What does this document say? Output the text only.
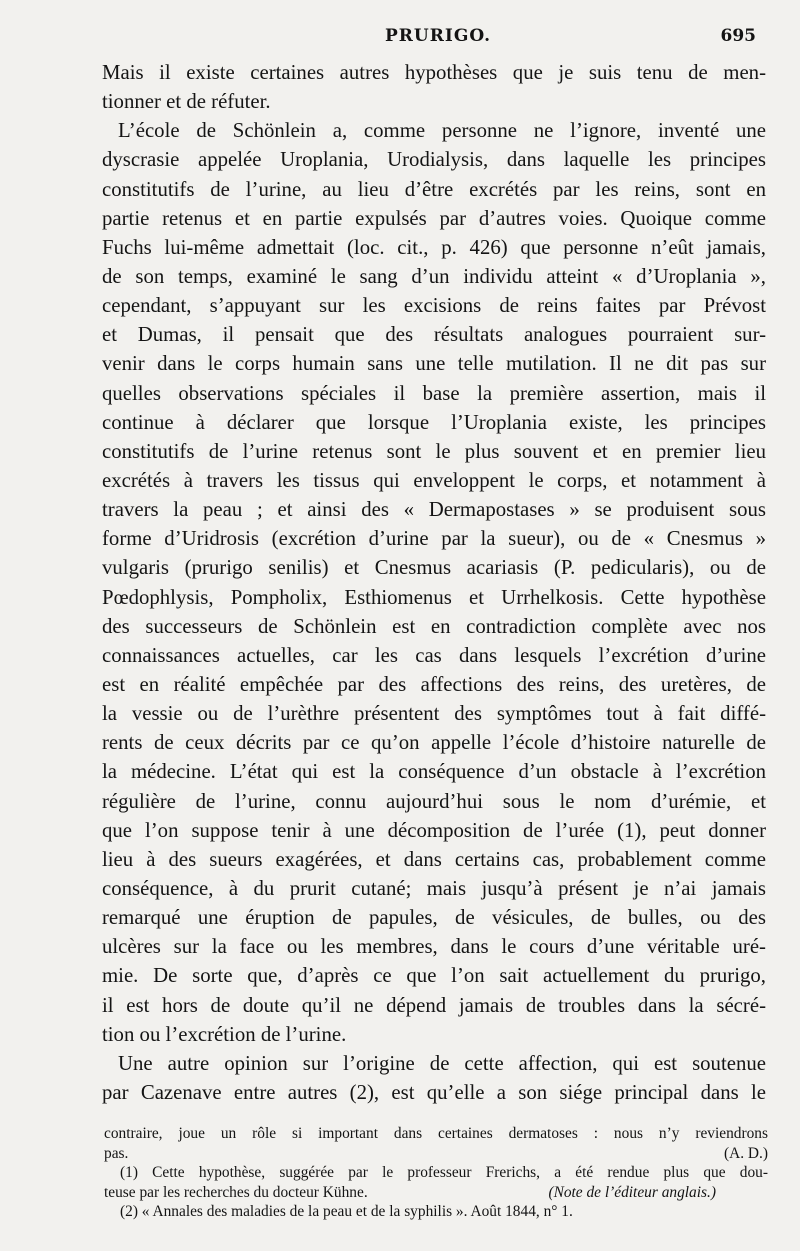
PRURIGO.	695
Mais il existe certaines autres hypothèses que je suis tenu de men-
tionner et de réfuter.
L’école de Schönlein a, comme personne ne l’ignore, inventé une
dyscrasie appelée Uroplania, Urodialysis, dans laquelle les principes
constitutifs de l’urine, au lieu d’être excrétés par les reins, sont en
partie retenus et en partie expulsés par d’autres voies. Quoique comme
Fuchs lui-même admettait (loc. cit., p. 426) que personne n’eût jamais,
de son temps, examiné le sang d’un individu atteint « d’Uroplania »,
cependant, s’appuyant sur les excisions de reins faites par Prévost
et Dumas, il pensait que des résultats analogues pourraient sur-
venir dans le corps humain sans une telle mutilation. Il ne dit pas sur
quelles observations spéciales il base la première assertion, mais il
continue à déclarer que lorsque l’Uroplania existe, les principes
constitutifs de l’urine retenus sont le plus souvent et en premier lieu
excrétés à travers les tissus qui enveloppent le corps, et notamment à
travers la peau ; et ainsi des « Dermapostases » se produisent sous
forme d’Uridrosis (excrétion d’urine par la sueur), ou de « Cnesmus »
vulgaris (prurigo senilis) et Cnesmus acariasis (P. pedicularis), ou de
Pœdophlysis, Pompholix, Esthiomenus et Urrhelkosis. Cette hypothèse
des successeurs de Schönlein est en contradiction complète avec nos
connaissances actuelles, car les cas dans lesquels l’excrétion d’urine
est en réalité empêchée par des affections des reins, des uretères, de
la vessie ou de l’urèthre présentent des symptômes tout à fait diffé-
rents de ceux décrits par ce qu’on appelle l’école d’histoire naturelle de
la médecine. L’état qui est la conséquence d’un obstacle à l’excrétion
régulière de l’urine, connu aujourd’hui sous le nom d’urémie, et
que l’on suppose tenir à une décomposition de l’urée (1), peut donner
lieu à des sueurs exagérées, et dans certains cas, probablement comme
conséquence, à du prurit cutané; mais jusqu’à présent je n’ai jamais
remarqué une éruption de papules, de vésicules, de bulles, ou des
ulcères sur la face ou les membres, dans le cours d’une véritable uré-
mie. De sorte que, d’après ce que l’on sait actuellement du prurigo,
il est hors de doute qu’il ne dépend jamais de troubles dans la sécré-
tion ou l’excrétion de l’urine.
Une autre opinion sur l’origine de cette affection, qui est soutenue
par Cazenave entre autres (2), est qu’elle a son siége principal dans le
contraire, joue un rôle si important dans certaines dermatoses : nous n’y reviendrons
pas.	(A. D.)
(1) Cette hypothèse, suggérée par le professeur Frerichs, a été rendue plus que dou-
teuse par les recherches du docteur Kühne.	(Note de l’éditeur anglais.)
(2) « Annales des maladies de la peau et de la syphilis ». Août 1844, n° 1.
